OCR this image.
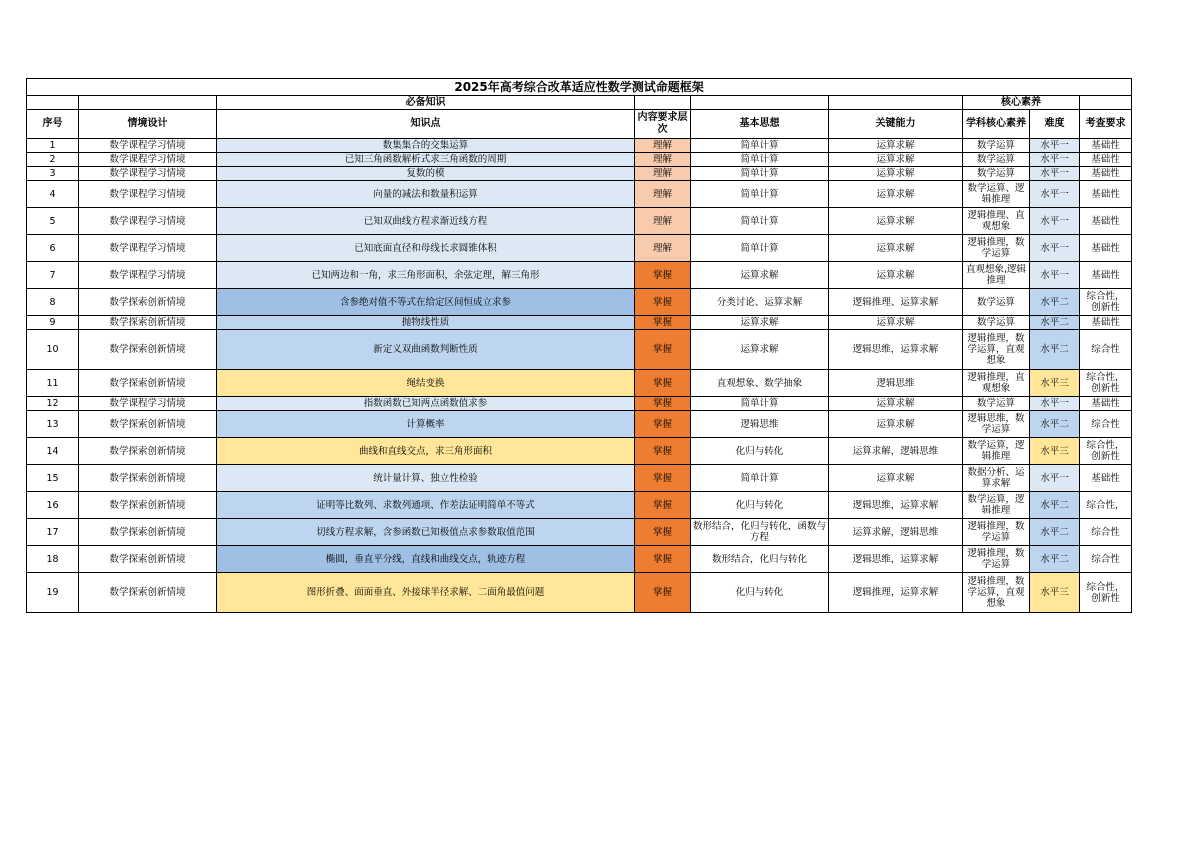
2025年高考综合改革适应性数学测试命题框架								
		必备知识				核心素养		
序号	情境设计	知识点	内容要求层次	基本思想	关键能力	学科核心素养	难度	考查要求
1	数学课程学习情境	数集集合的交集运算	理解	简单计算	运算求解	数学运算	水平一	基础性
2	数学课程学习情境	已知三角函数解析式求三角函数的周期	理解	简单计算	运算求解	数学运算	水平一	基础性
3	数学课程学习情境	复数的模	理解	简单计算	运算求解	数学运算	水平一	基础性
4	数学课程学习情境	向量的减法和数量积运算	理解	简单计算	运算求解	数学运算、逻辑推理	水平一	基础性
5	数学课程学习情境	已知双曲线方程求渐近线方程	理解	简单计算	运算求解	逻辑推理、直观想象	水平一	基础性
6	数学课程学习情境	已知底面直径和母线长求圆锥体积	理解	简单计算	运算求解	逻辑推理，数学运算	水平一	基础性
7	数学课程学习情境	已知两边和一角，求三角形面积，余弦定理，解三角形	掌握	运算求解	运算求解	直观想象,逻辑推理	水平一	基础性
8	数学探索创新情境	含参绝对值不等式在给定区间恒成立求参	掌握	分类讨论、运算求解	逻辑推理、运算求解	数学运算	水平二	综合性，创新性
9	数学探索创新情境	抛物线性质	掌握	运算求解	运算求解	数学运算	水平二	基础性
10	数学探索创新情境	新定义双曲函数判断性质	掌握	运算求解	逻辑思维，运算求解	逻辑推理，数学运算，直观想象	水平二	综合性
11	数学探索创新情境	绳结变换	掌握	直观想象、数学抽象	逻辑思维	逻辑推理，直观想象	水平三	综合性，创新性
12	数学课程学习情境	指数函数已知两点函数值求参	掌握	简单计算	运算求解	数学运算	水平一	基础性
13	数学探索创新情境	计算概率	掌握	逻辑思维	运算求解	逻辑思维，数学运算	水平二	综合性
14	数学探索创新情境	曲线和直线交点，求三角形面积	掌握	化归与转化	运算求解，逻辑思维	数学运算，逻辑推理	水平三	综合性，创新性
15	数学探索创新情境	统计量计算、独立性检验	掌握	简单计算	运算求解	数据分析、运算求解	水平一	基础性
16	数学探索创新情境	证明等比数列、求数列通项、作差法证明简单不等式	掌握	化归与转化	逻辑思维，运算求解	数学运算，逻辑推理	水平二	综合性，
17	数学探索创新情境	切线方程求解，含参函数已知极值点求参数取值范围	掌握	数形结合，化归与转化，函数与方程	运算求解，逻辑思维	逻辑推理，数学运算	水平二	综合性
18	数学探索创新情境	椭圆，垂直平分线，直线和曲线交点，轨迹方程	掌握	数形结合，化归与转化	逻辑思维，运算求解	逻辑推理，数学运算	水平二	综合性
19	数学探索创新情境	图形折叠、面面垂直、外接球半径求解、二面角最值问题	掌握	化归与转化	逻辑推理，运算求解	逻辑推理，数学运算，直观想象	水平三	综合性，创新性
